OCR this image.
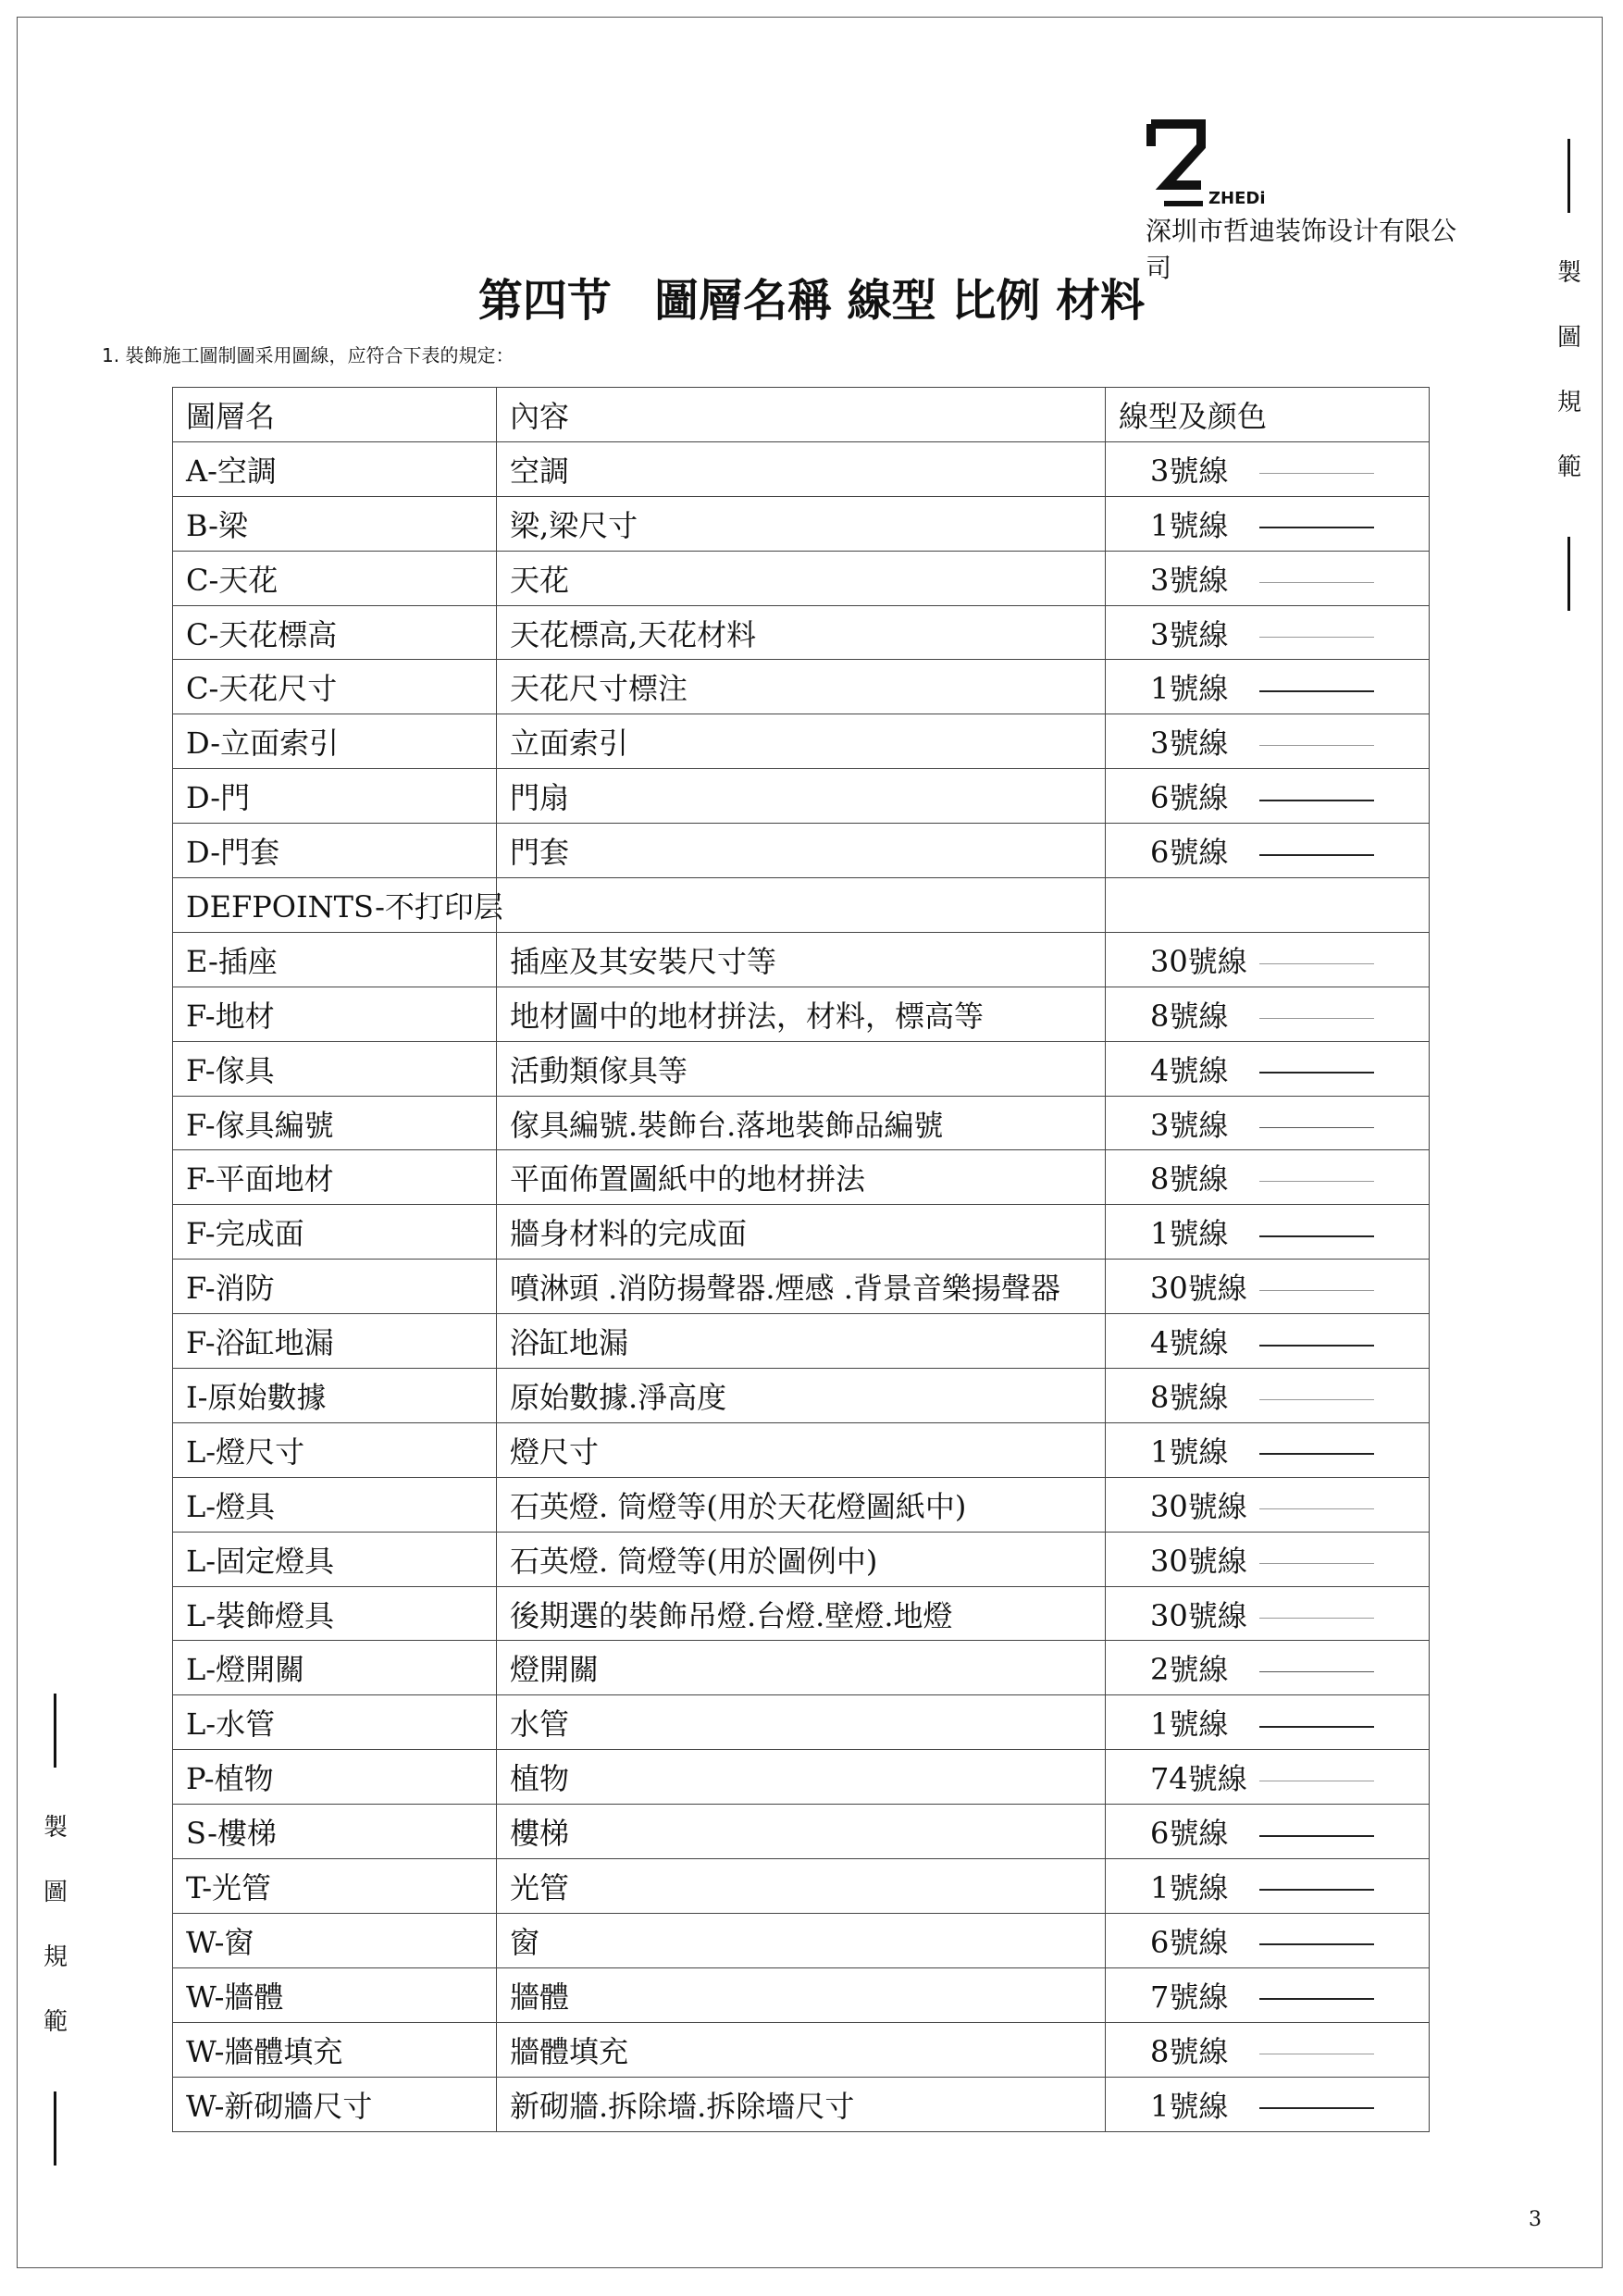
ZHEDi
深圳市哲迪装饰设计有限公司
第四节 圖層名稱 線型 比例 材料
1. 裝飾施工圖制圖采用圖線，应符合下表的規定：
製
圖
規
範
製
圖
規
範
圖層名	內容	線型及颜色
A-空調	空調	3號線
B-梁	梁,梁尺寸	1號線
C-天花	天花	3號線
C-天花標高	天花標高,天花材料	3號線
C-天花尺寸	天花尺寸標注	1號線
D-立面索引	立面索引	3號線
D-門	門扇	6號線
D-門套	門套	6號線
DEFPOINTS-不打印层		
E-插座	插座及其安裝尺寸等	30號線
F-地材	地材圖中的地材拼法，材料，標高等	8號線
F-傢具	活動類傢具等	4號線
F-傢具編號	傢具編號.裝飾台.落地裝飾品編號	3號線
F-平面地材	平面佈置圖紙中的地材拼法	8號線
F-完成面	牆身材料的完成面	1號線
F-消防	噴淋頭 .消防揚聲器.煙感 .背景音樂揚聲器	30號線
F-浴缸地漏	浴缸地漏	4號線
I-原始數據	原始數據.淨高度	8號線
L-燈尺寸	燈尺寸	1號線
L-燈具	石英燈. 筒燈等(用於天花燈圖紙中)	30號線
L-固定燈具	石英燈. 筒燈等(用於圖例中)	30號線
L-裝飾燈具	後期選的裝飾吊燈.台燈.壁燈.地燈	30號線
L-燈開關	燈開關	2號線
L-水管	水管	1號線
P-植物	植物	74號線
S-樓梯	樓梯	6號線
T-光管	光管	1號線
W-窗	窗	6號線
W-牆體	牆體	7號線
W-牆體填充	牆體填充	8號線
W-新砌牆尺寸	新砌牆.拆除墻.拆除墻尺寸	1號線
3
